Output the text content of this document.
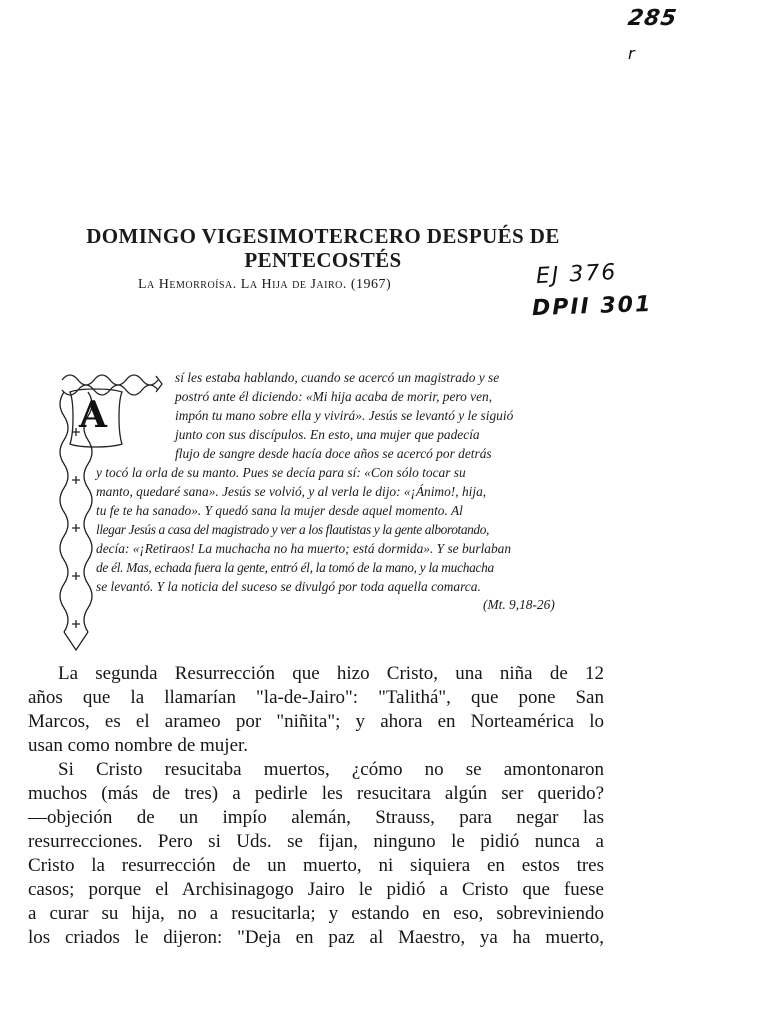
285
r
EJ 376
DPII 301
DOMINGO VIGESIMOTERCERO DESPUÉS DE
PENTECOSTÉS
La Hemorroísa. La Hija de Jairo. (1967)
A
sí les estaba hablando, cuando se acercó un magistrado y se
postró ante él diciendo: «Mi hija acaba de morir, pero ven,
impón tu mano sobre ella y vivirá». Jesús se levantó y le siguió
junto con sus discípulos. En esto, una mujer que padecía
flujo de sangre desde hacía doce años se acercó por detrás
y tocó la orla de su manto. Pues se decía para sí: «Con sólo tocar su
manto, quedaré sana». Jesús se volvió, y al verla le dijo: «¡Ánimo!, hija,
tu fe te ha sanado». Y quedó sana la mujer desde aquel momento. Al
llegar Jesús a casa del magistrado y ver a los flautistas y la gente alborotando,
decía: «¡Retiraos! La muchacha no ha muerto; está dormida». Y se burlaban
de él. Mas, echada fuera la gente, entró él, la tomó de la mano, y la muchacha
se levantó. Y la noticia del suceso se divulgó por toda aquella comarca.
(Mt. 9,18-26)
La segunda Resurrección que hizo Cristo, una niña de 12
años que la llamarían "la-de-Jairo": "Talithá", que pone San
Marcos, es el arameo por "niñita"; y ahora en Norteamérica lo
usan como nombre de mujer.
Si Cristo resucitaba muertos, ¿cómo no se amontonaron
muchos (más de tres) a pedirle les resucitara algún ser querido?
—objeción de un impío alemán, Strauss, para negar las
resurrecciones. Pero si Uds. se fijan, ninguno le pidió nunca a
Cristo la resurrección de un muerto, ni siquiera en estos tres
casos; porque el Archisinagogo Jairo le pidió a Cristo que fuese
a curar su hija, no a resucitarla; y estando en eso, sobreviniendo
los criados le dijeron: "Deja en paz al Maestro, ya ha muerto,
